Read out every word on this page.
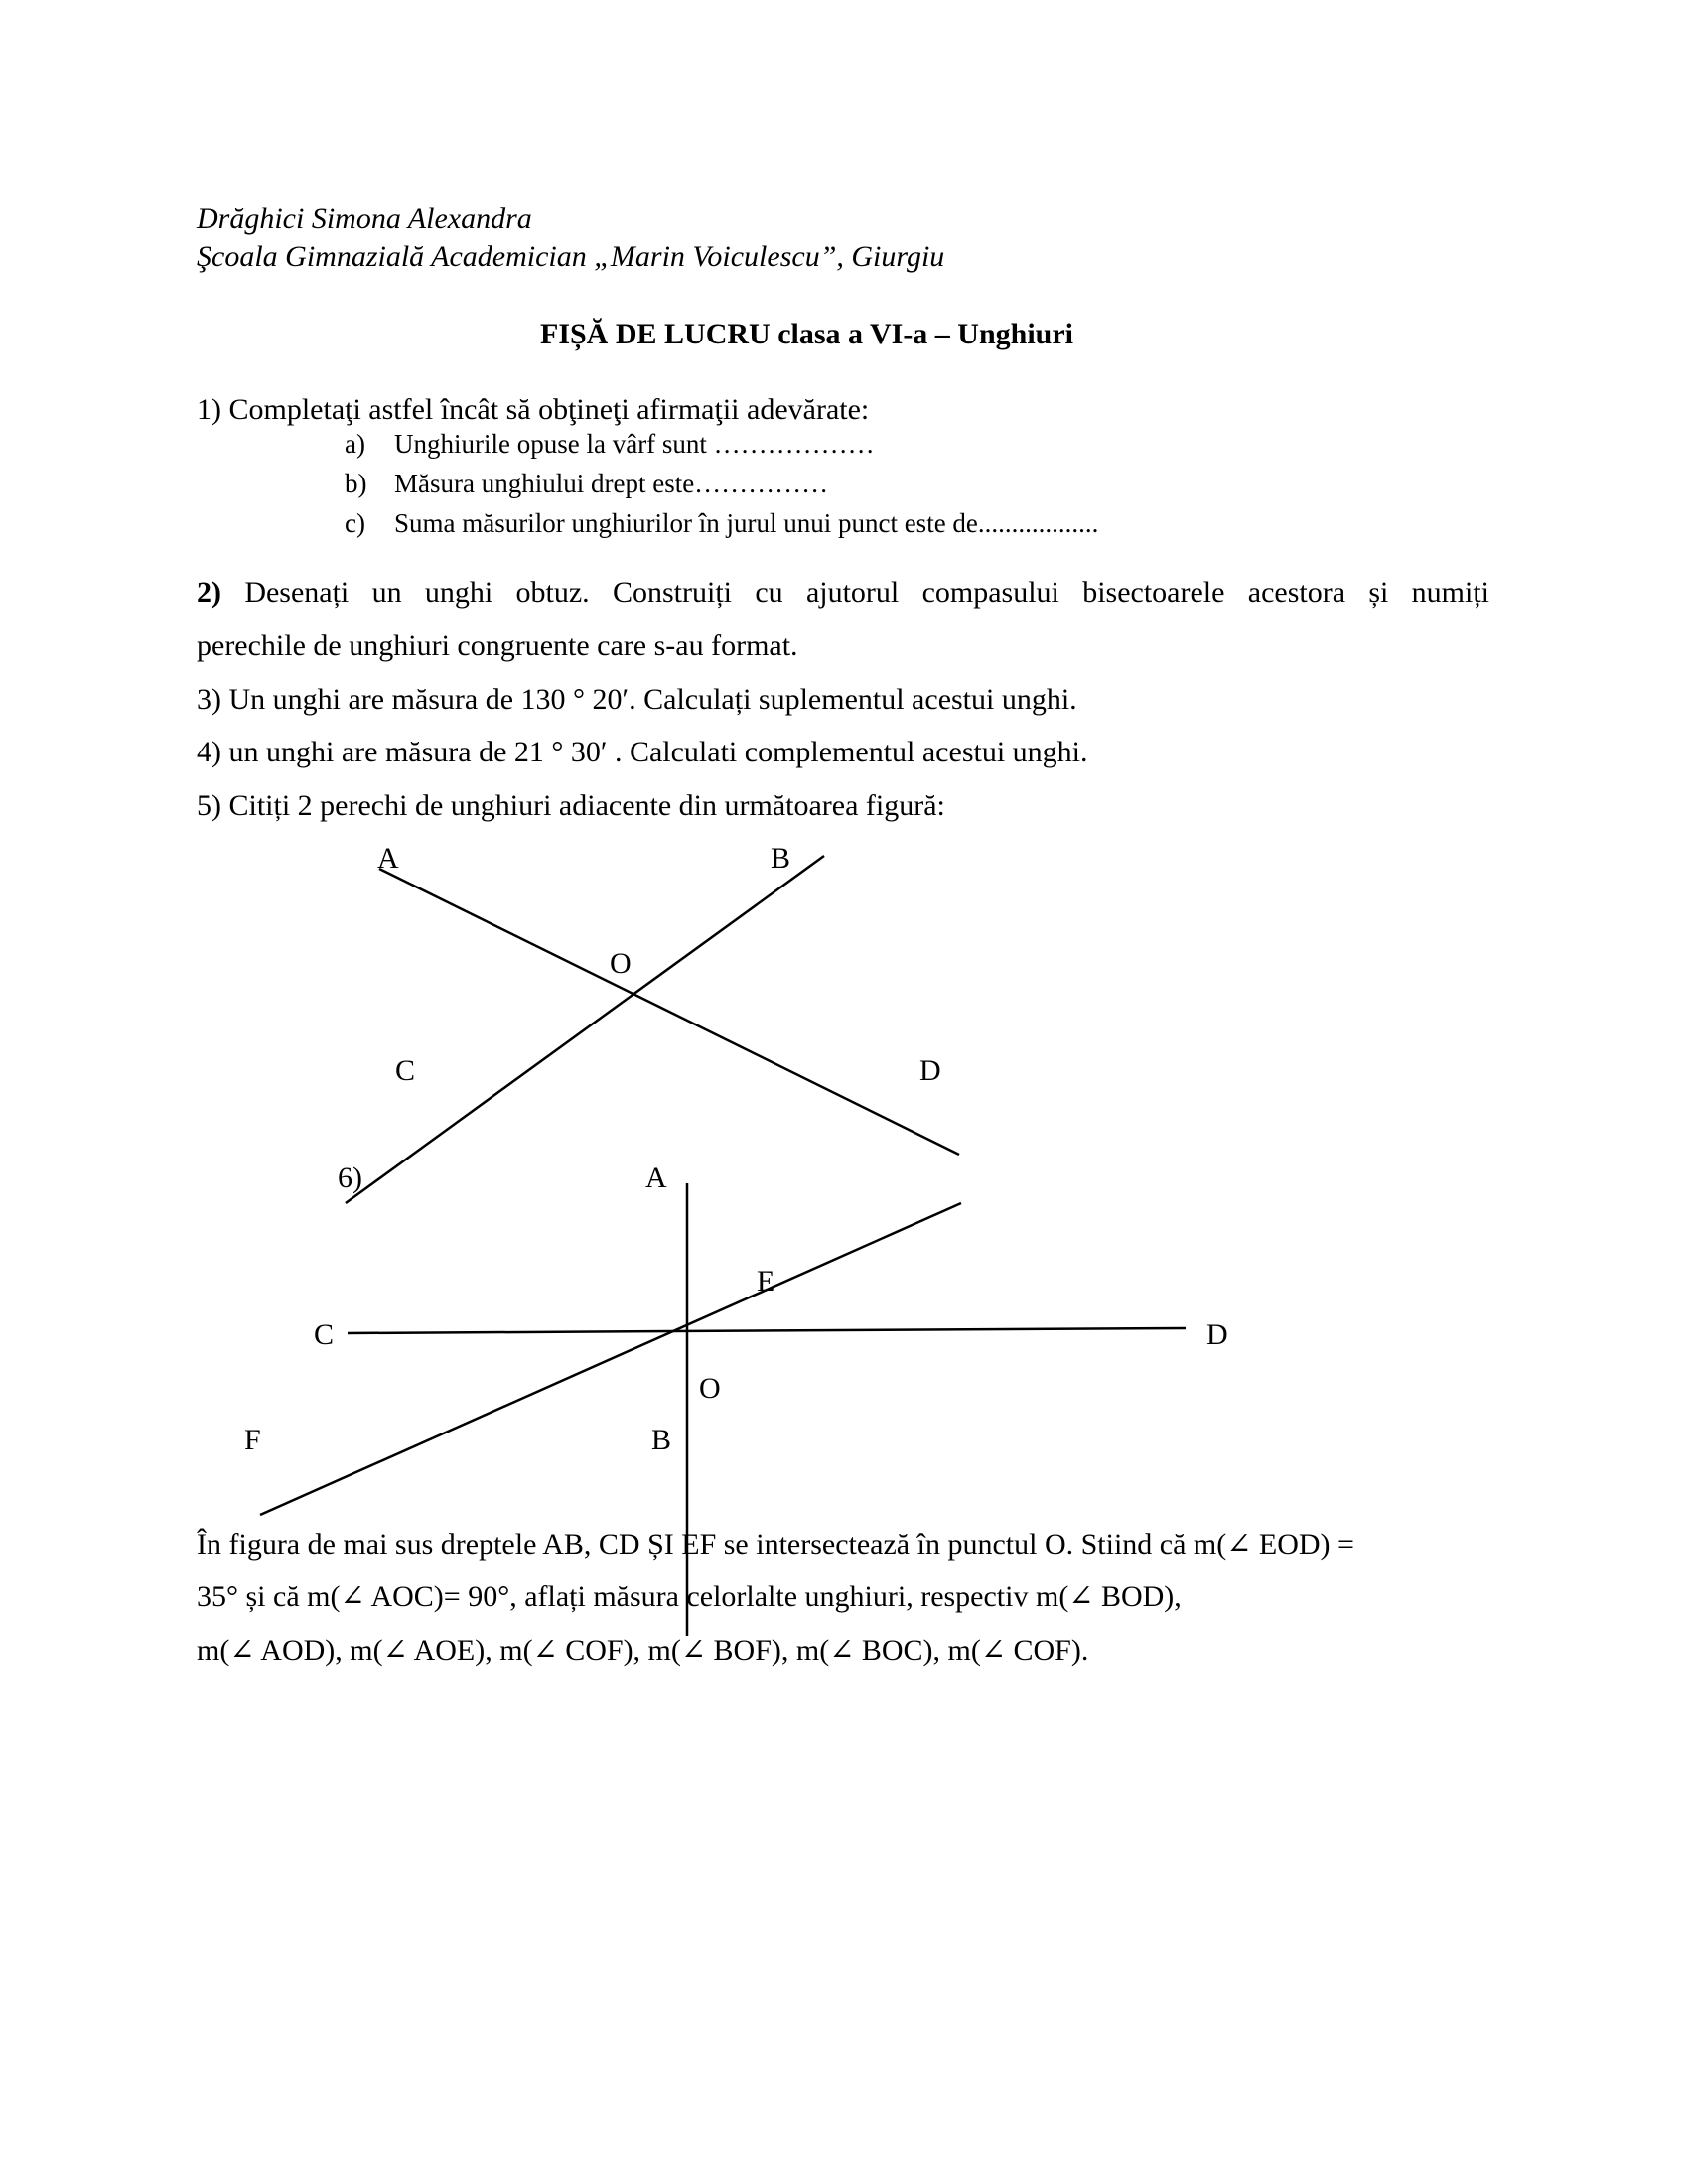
Drăghici Simona Alexandra
Şcoala Gimnazială Academician „Marin Voiculescu”, Giurgiu
FIȘĂ DE LUCRU clasa a VI-a – Unghiuri
1) Completaţi astfel încât să obţineţi afirmaţii adevărate:
a) Unghiurile opuse la vârf sunt ………………
b) Măsura unghiului drept este……………
c) Suma măsurilor unghiurilor în jurul unui punct este de..................
2) Desenați un unghi obtuz. Construiți cu ajutorul compasului bisectoarele acestora și numiți
perechile de unghiuri congruente care s-au format.
3) Un unghi are măsura de 130 ° 20′. Calculați suplementul acestui unghi.
4) un unghi are măsura de 21 ° 30′ . Calculati complementul acestui unghi.
5) Citiți 2 perechi de unghiuri adiacente din următoarea figură:
A	B
O
C	D
6)	A
E
C	D
O
F	B
În figura de mai sus dreptele AB, CD ȘI EF se intersectează în punctul O. Stiind că m(∠ EOD) =
35° și că m(∠ AOC)= 90°, aflați măsura celorlalte unghiuri, respectiv m(∠ BOD),
m(∠ AOD), m(∠ AOE), m(∠ COF), m(∠ BOF), m(∠ BOC), m(∠ COF).
